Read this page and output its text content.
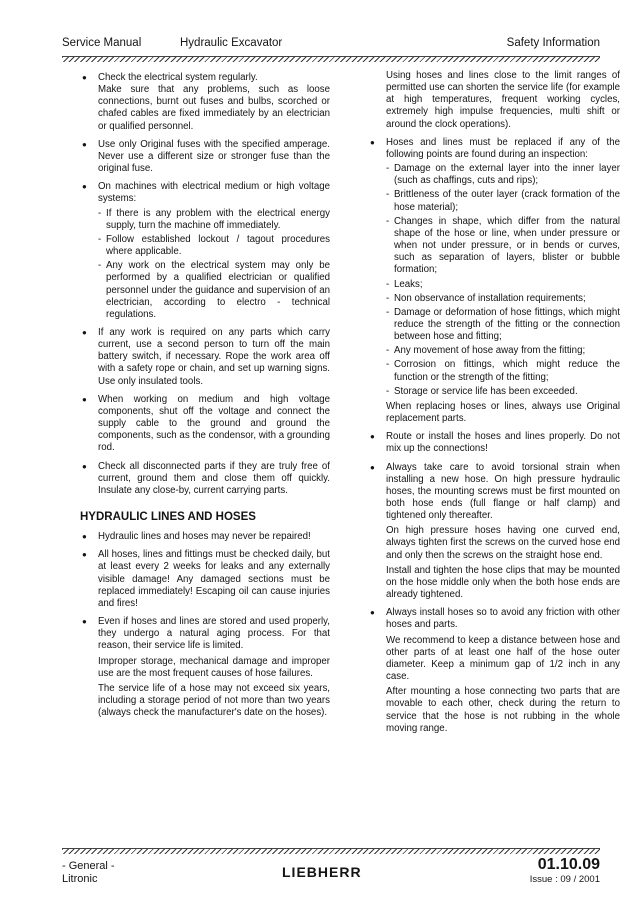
Service Manual	Hydraulic Excavator	Safety Information
● Check the electrical system regularly.
Make sure that any problems, such as loose connections, burnt out fuses and bulbs, scorched or chafed cables are fixed immediately by an electrician or qualified personnel.
● Use only Original fuses with the specified amperage. Never use a different size or stronger fuse than the original fuse.
● On machines with electrical medium or high voltage systems:
- If there is any problem with the electrical energy supply, turn the machine off immediately.
- Follow established lockout / tagout procedures where applicable.
- Any work on the electrical system may only be performed by a qualified electrician or qualified personnel under the guidance and supervision of an electrician, according to electro - technical regulations.
● If any work is required on any parts which carry current, use a second person to turn off the main battery switch, if necessary. Rope the work area off with a safety rope or chain, and set up warning signs. Use only insulated tools.
● When working on medium and high voltage components, shut off the voltage and connect the supply cable to the ground and ground the components, such as the condensor, with a grounding rod.
● Check all disconnected parts if they are truly free of current, ground them and close them off quickly. Insulate any close-by, current carrying parts.
HYDRAULIC LINES AND HOSES
● Hydraulic lines and hoses may never be repaired!
● All hoses, lines and fittings must be checked daily, but at least every 2 weeks for leaks and any externally visible damage! Any damaged sections must be replaced immediately! Escaping oil can cause injuries and fires!
● Even if hoses and lines are stored and used properly, they undergo a natural aging process. For that reason, their service life is limited.
Improper storage, mechanical damage and improper use are the most frequent causes of hose failures.
The service life of a hose may not exceed six years, including a storage period of not more than two years (always check the manufacturer's date on the hoses).
Using hoses and lines close to the limit ranges of permitted use can shorten the service life (for example at high temperatures, frequent working cycles, extremely high impulse frequencies, multi shift or around the clock operations).
● Hoses and lines must be replaced if any of the following points are found during an inspection:
- Damage on the external layer into the inner layer (such as chaffings, cuts and rips);
- Brittleness of the outer layer (crack formation of the hose material);
- Changes in shape, which differ from the natural shape of the hose or line, when under pressure or when not under pressure, or in bends or curves, such as separation of layers, blister or bubble formation;
- Leaks;
- Non observance of installation requirements;
- Damage or deformation of hose fittings, which might reduce the strength of the fitting or the connection between hose and fitting;
- Any movement of hose away from the fitting;
- Corrosion on fittings, which might reduce the function or the strength of the fitting;
- Storage or service life has been exceeded.
When replacing hoses or lines, always use Original replacement parts.
● Route or install the hoses and lines properly. Do not mix up the connections!
● Always take care to avoid torsional strain when installing a new hose. On high pressure hydraulic hoses, the mounting screws must be first mounted on both hose ends (full flange or half clamp) and tightened only thereafter.
On high pressure hoses having one curved end, always tighten first the screws on the curved hose end and only then the screws on the straight hose end.
Install and tighten the hose clips that may be mounted on the hose middle only when the both hose ends are already tightened.
● Always install hoses so to avoid any friction with other hoses and parts.
We recommend to keep a distance between hose and other parts of at least one half of the hose outer diameter. Keep a minimum gap of 1/2 inch in any case.
After mounting a hose connecting two parts that are movable to each other, check during the return to service that the hose is not rubbing in the whole moving range.
- General -
Litronic	LIEBHERR	01.10.09
Issue : 09 / 2001
